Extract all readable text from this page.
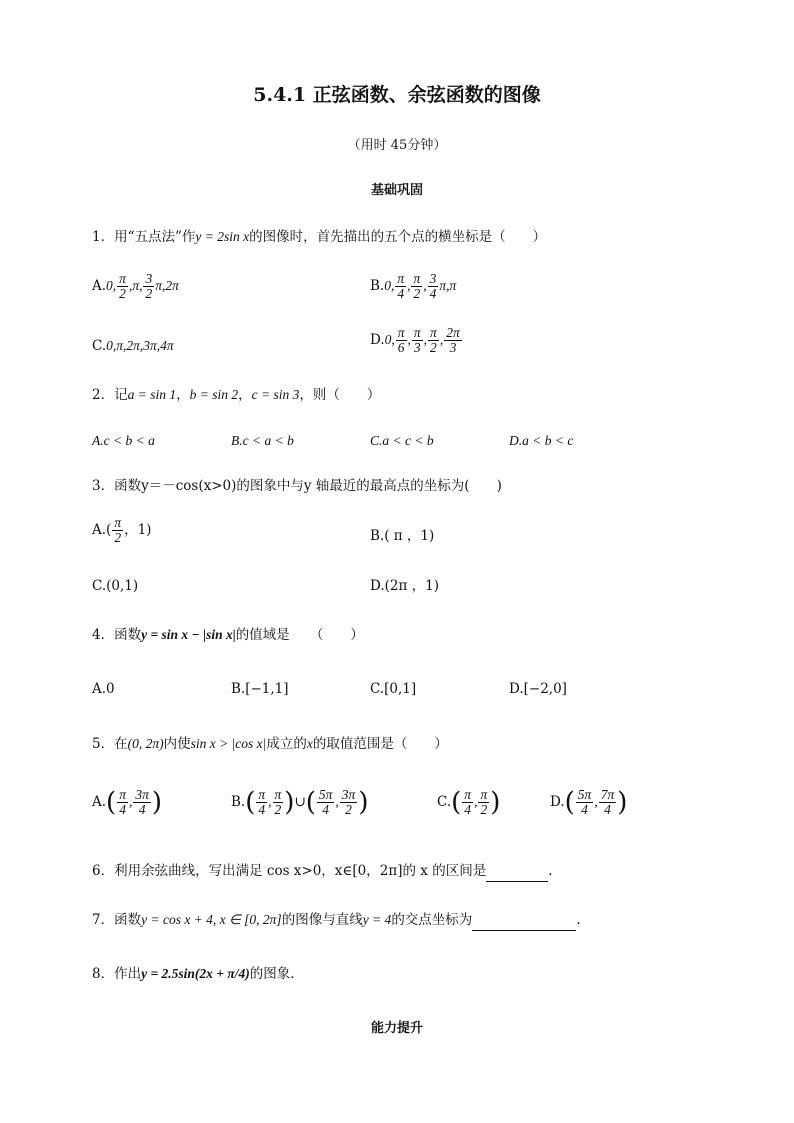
5.4.1 正弦函数、余弦函数的图像
（用时 45分钟）
基础巩固
1．用“五点法”作y = 2sin x的图像时，首先描出的五个点的横坐标是（　　）
A.0, $\frac{\pi}{2} ,\pi$, $\frac{3}{2} \pi,2\pi$	B.0, $\frac{\pi}{4}$ , $\frac{\pi}{2}$ , $\frac{3}{4} \pi,\pi$
C.0,π,2π,3π,4π	D.0, $\frac{\pi}{6}$ , $\frac{\pi}{3}$ , $\frac{\pi}{2}$ , $\frac{2\pi}{3}$
2．记a = sin 1，b = sin 2，c = sin 3，则（　　）
A.c < b < a	B.c < a < b	C.a < c < b	D.a < b < c
3．函数y＝－cos(x>0)的图象中与y 轴最近的最高点的坐标为(　　)
$A.( \frac{\pi}{2}$ ，1)	B.( π ，1)
C.(0,1)	D.(2π ，1)
4．函数y = sin x − |sin x|的值域是　　（　　）
A.0	B.[−1,1]	C.[0,1]	D.[−2,0]
5．在(0, 2π)内使sin x > |cos x|成立的x的取值范围是（　　）
$A.( \frac{\pi}{4}$ , $\frac{3\pi}{4}$ )	$B.( \frac{\pi}{4}$ , $\frac{\pi}{2}$ )∪( $\frac{5\pi}{4}$ , $\frac{3\pi}{2}$ )	$C.( \frac{\pi}{4}$ , $\frac{\pi}{2}$ )	$D.( \frac{5\pi}{4}$ , $\frac{7\pi}{4}$ )
6．利用余弦曲线，写出满足 cos x>0，x∈[0，2π]的 x 的区间是	.
7．函数y = cos x + 4, x ∈ [0, 2π]的图像与直线y = 4的交点坐标为	.
8．作出y = 2.5sin(2x + π/4)的图象.
能力提升
